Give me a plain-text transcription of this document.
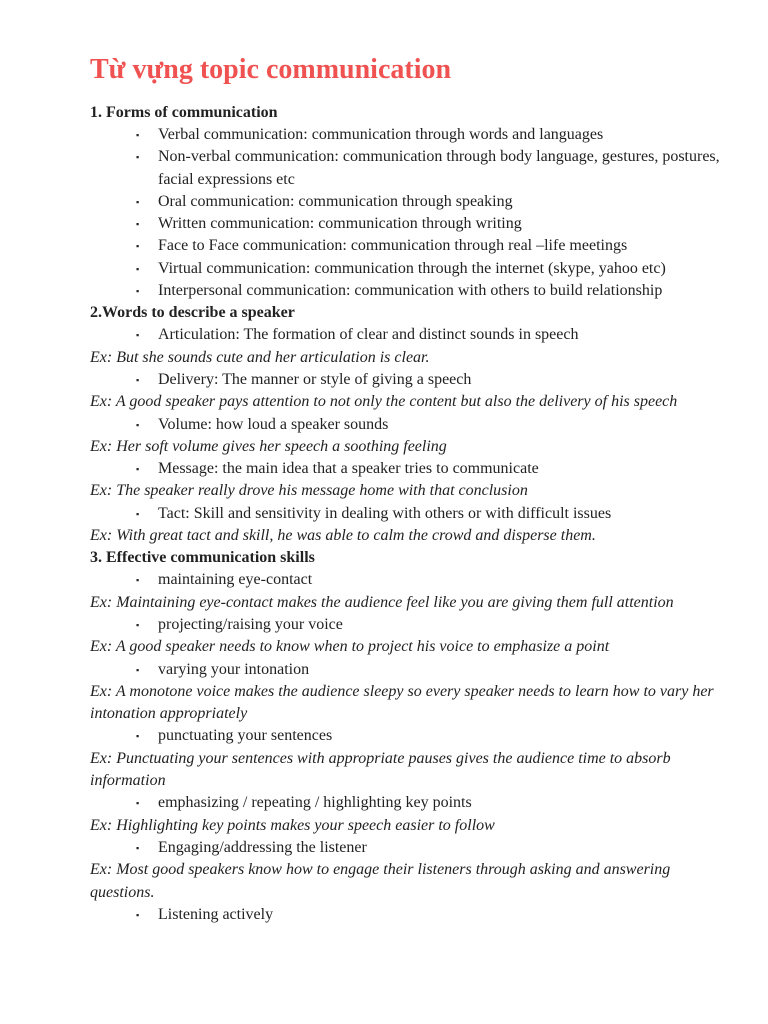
Từ vựng topic communication
1. Forms of communication
▪ Verbal communication: communication through words and languages
▪ Non-verbal communication: communication through body language, gestures, postures, facial expressions etc
▪ Oral communication: communication through speaking
▪ Written communication: communication through writing
▪ Face to Face communication: communication through real –life meetings
▪ Virtual communication: communication through the internet (skype, yahoo etc)
▪ Interpersonal communication: communication with others to build relationship
2.Words to describe a speaker
▪ Articulation: The formation of clear and distinct sounds in speech

Ex: But she sounds cute and her articulation is clear.

▪ Delivery: The manner or style of giving a speech

Ex: A good speaker pays attention to not only the content but also the delivery of his speech

▪ Volume: how loud a speaker sounds

Ex: Her soft volume gives her speech a soothing feeling

▪ Message: the main idea that a speaker tries to communicate

Ex: The speaker really drove his message home with that conclusion

▪ Tact: Skill and sensitivity in dealing with others or with difficult issues

Ex: With great tact and skill, he was able to calm the crowd and disperse them.

3. Effective communication skills
▪ maintaining eye-contact

Ex: Maintaining eye-contact makes the audience feel like you are giving them full attention

▪ projecting/raising your voice

Ex: A good speaker needs to know when to project his voice to emphasize a point

▪ varying your intonation

Ex: A monotone voice makes the audience sleepy so every speaker needs to learn how to vary her intonation appropriately

▪ punctuating your sentences

Ex: Punctuating your sentences with appropriate pauses gives the audience time to absorb information

▪ emphasizing / repeating / highlighting key points

Ex: Highlighting key points makes your speech easier to follow

▪ Engaging/addressing the listener

Ex: Most good speakers know how to engage their listeners through asking and answering questions.

▪ Listening actively
